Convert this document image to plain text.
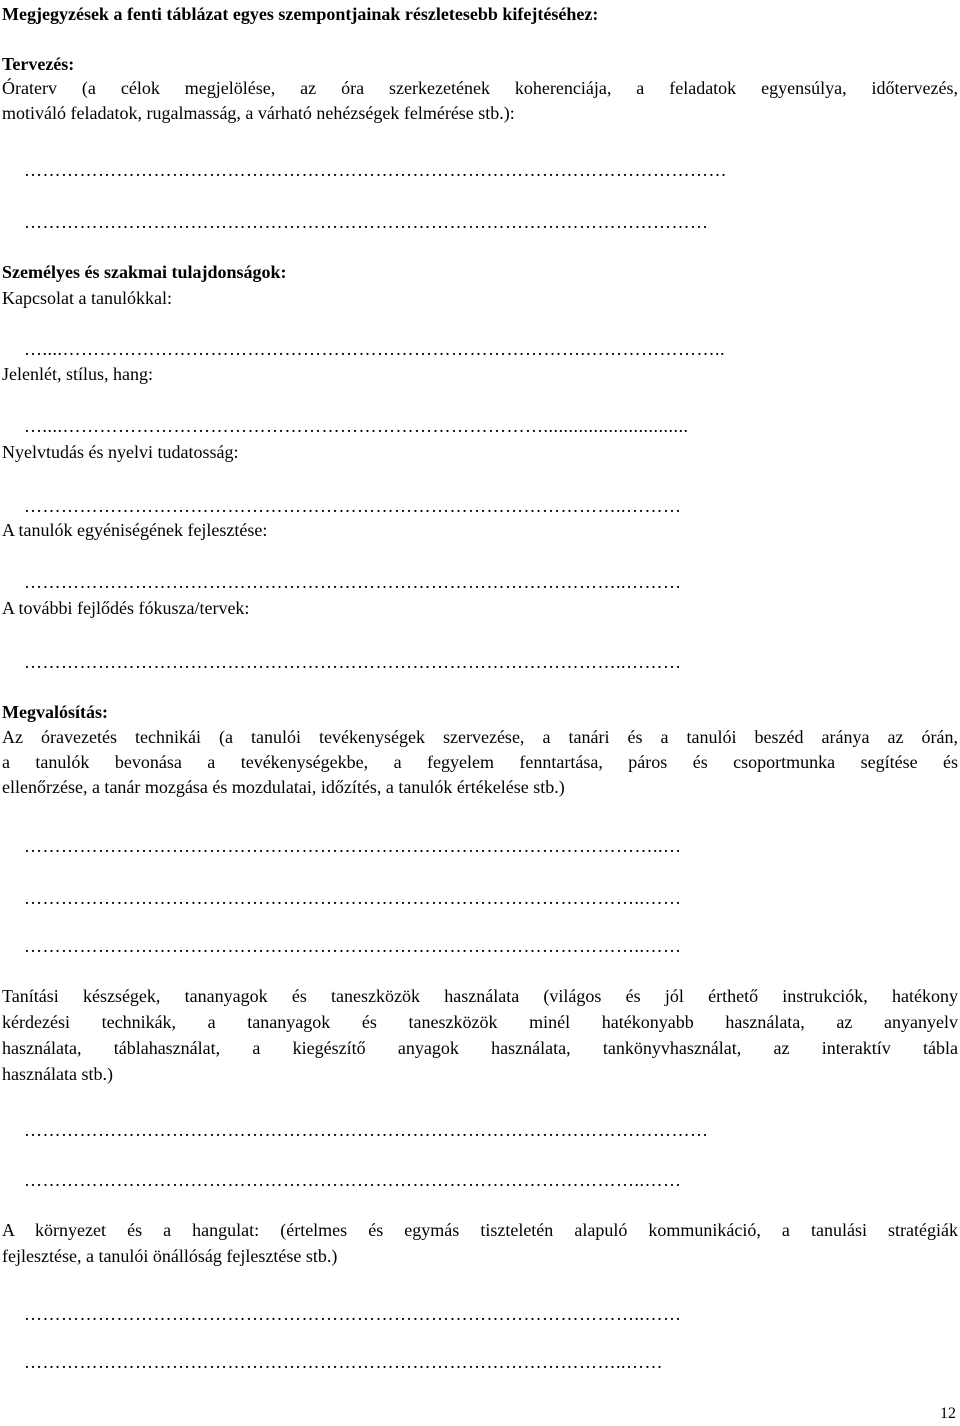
Megjegyzések a fenti táblázat egyes szempontjainak részletesebb kifejtéséhez:
Tervezés:
Óraterv (a célok megjelölése, az óra szerkezetének koherenciája, a feladatok egyensúlya, időtervezés,
motiváló feladatok, rugalmasság, a várható nehézségek felmérése stb.):
……………………………………………………………………………………………………
…………………………………………………………………………………………………
Személyes és szakmai tulajdonságok:
Kapcsolat a tanulókkal:
…....………………………………………………………………………….…………………..
Jelenlét, stílus, hang:
…....…………………………………………………………………….............................
Nyelvtudás és nyelvi tudatosság:
……………………………………………………………………………………..………
A tanulók egyéniségének fejlesztése:
……………………………………………………………………………………..………
A további fejlődés fókusza/tervek:
……………………………………………………………………………………..………
Megvalósítás:
Az óravezetés technikái (a tanulói tevékenységek szervezése, a tanári és a tanulói beszéd aránya az órán,
a tanulók bevonása a tevékenységekbe, a fegyelem fenntartása, páros és csoportmunka segítése és
ellenőrzése, a tanár mozgása és mozdulatai, időzítés, a tanulók értékelése stb.)
…………………………………………………………………………………………..…
………………………………………………………………………………………..……
………………………………………………………………………………………..……
Tanítási készségek, tananyagok és taneszközök használata (világos és jól érthető instrukciók, hatékony
kérdezési technikák, a tananyagok és taneszközök minél hatékonyabb használata, az anyanyelv
használata, táblahasználat, a kiegészítő anyagok használata, tankönyvhasználat, az interaktív tábla
használata stb.)
…………………………………………………………………………………………………
………………………………………………………………………………………..……
A környezet és a hangulat: (értelmes és egymás tiszteletén alapuló kommunikáció, a tanulási stratégiák
fejlesztése, a tanulói önállóság fejlesztése stb.)
………………………………………………………………………………………..……
……………………………………………………………………………………..……
12
